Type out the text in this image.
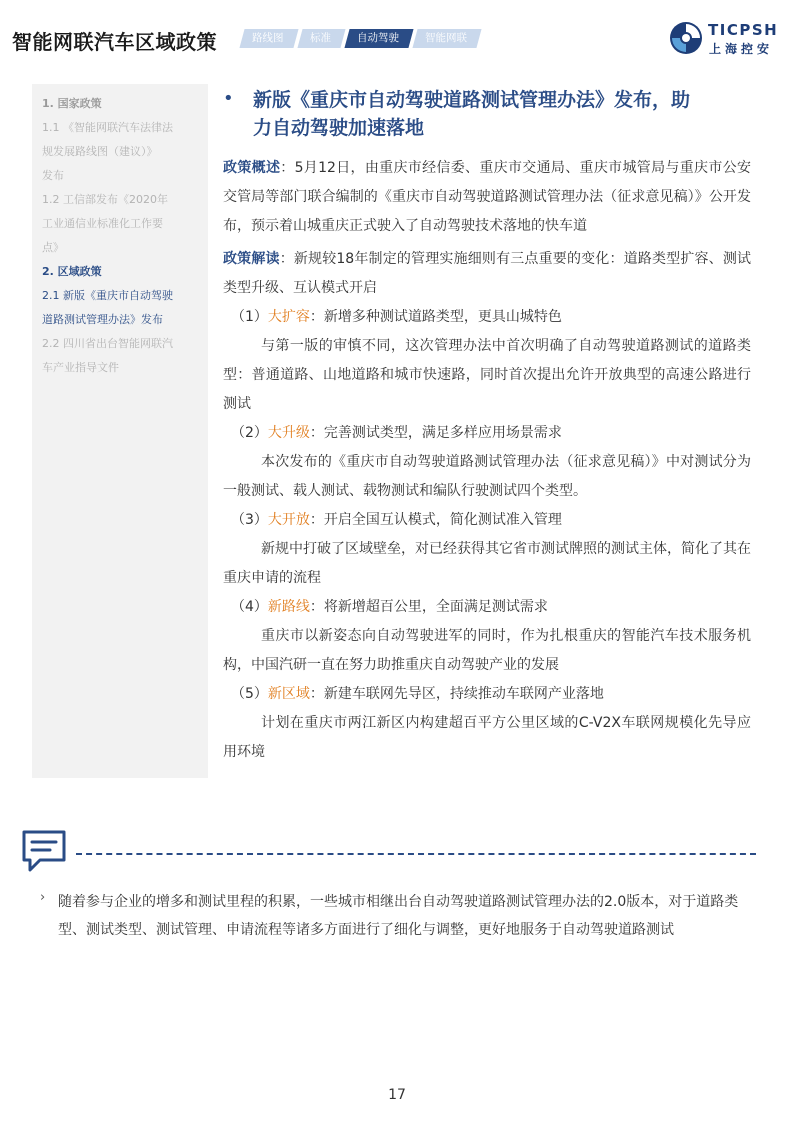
智能网联汽车区域政策	路线图	标准	自动驾驶	智能网联	TICPSH
上海控安
1. 国家政策
1.1 《智能网联汽车法律法
规发展路线图（建议）》
发布
1.2 工信部发布《2020年
工业通信业标准化工作要
点》
2. 区域政策
2.1 新版《重庆市自动驾驶
道路测试管理办法》发布
2.2 四川省出台智能网联汽
车产业指导文件
• 新版《重庆市自动驾驶道路测试管理办法》发布，助
力自动驾驶加速落地

政策概述：5月12日，由重庆市经信委、重庆市交通局、重庆市城管局与重庆市公安交管局等部门联合编制的《重庆市自动驾驶道路测试管理办法（征求意见稿）》公开发布，预示着山城重庆正式驶入了自动驾驶技术落地的快车道

政策解读：新规较18年制定的管理实施细则有三点重要的变化：道路类型扩容、测试类型升级、互认模式开启

（1）大扩容：新增多种测试道路类型，更具山城特色

与第一版的审慎不同，这次管理办法中首次明确了自动驾驶道路测试的道路类型：普通道路、山地道路和城市快速路，同时首次提出允许开放典型的高速公路进行测试

（2）大升级：完善测试类型，满足多样应用场景需求

本次发布的《重庆市自动驾驶道路测试管理办法（征求意见稿）》中对测试分为一般测试、载人测试、载物测试和编队行驶测试四个类型。

（3）大开放：开启全国互认模式，简化测试准入管理

新规中打破了区域壁垒，对已经获得其它省市测试牌照的测试主体，简化了其在重庆申请的流程

（4）新路线：将新增超百公里，全面满足测试需求

重庆市以新姿态向自动驾驶进军的同时，作为扎根重庆的智能汽车技术服务机构，中国汽研一直在努力助推重庆自动驾驶产业的发展

（5）新区域：新建车联网先导区，持续推动车联网产业落地

计划在重庆市两江新区内构建超百平方公里区域的C-V2X车联网规模化先导应用环境

› 随着参与企业的增多和测试里程的积累，一些城市相继出台自动驾驶道路测试管理办法的2.0版本，对于道路类型、测试类型、测试管理、申请流程等诸多方面进行了细化与调整，更好地服务于自动驾驶道路测试
17
